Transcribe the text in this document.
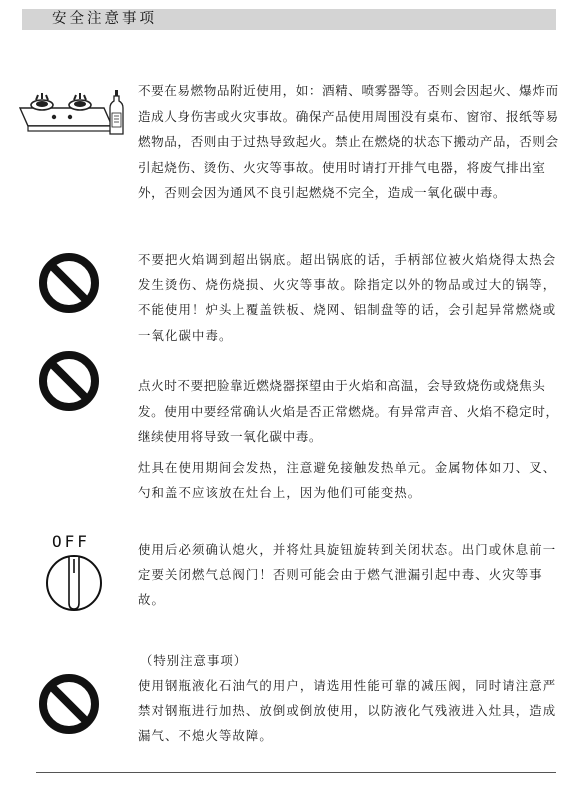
安全注意事项

不要在易燃物品附近使用，如：酒精、喷雾器等。否则会因起火、爆炸而造成人身伤害或火灾事故。确保产品使用周围没有桌布、窗帘、报纸等易燃物品，否则由于过热导致起火。禁止在燃烧的状态下搬动产品，否则会引起烧伤、烫伤、火灾等事故。使用时请打开排气电器，将废气排出室外，否则会因为通风不良引起燃烧不完全，造成一氧化碳中毒。

不要把火焰调到超出锅底。超出锅底的话，手柄部位被火焰烧得太热会发生烫伤、烧伤烧损、火灾等事故。除指定以外的物品或过大的锅等，不能使用！炉头上覆盖铁板、烧网、铝制盘等的话，会引起异常燃烧或一氧化碳中毒。

点火时不要把脸靠近燃烧器探望由于火焰和高温，会导致烧伤或烧焦头发。使用中要经常确认火焰是否正常燃烧。有异常声音、火焰不稳定时，继续使用将导致一氧化碳中毒。

灶具在使用期间会发热，注意避免接触发热单元。金属物体如刀、叉、勺和盖不应该放在灶台上，因为他们可能变热。

OFF	使用后必须确认熄火，并将灶具旋钮旋转到关闭状态。出门或休息前一定要关闭燃气总阀门！否则可能会由于燃气泄漏引起中毒、火灾等事故。

（特别注意事项）

使用钢瓶液化石油气的用户，请选用性能可靠的减压阀，同时请注意严禁对钢瓶进行加热、放倒或倒放使用，以防液化气残液进入灶具，造成漏气、不熄火等故障。
